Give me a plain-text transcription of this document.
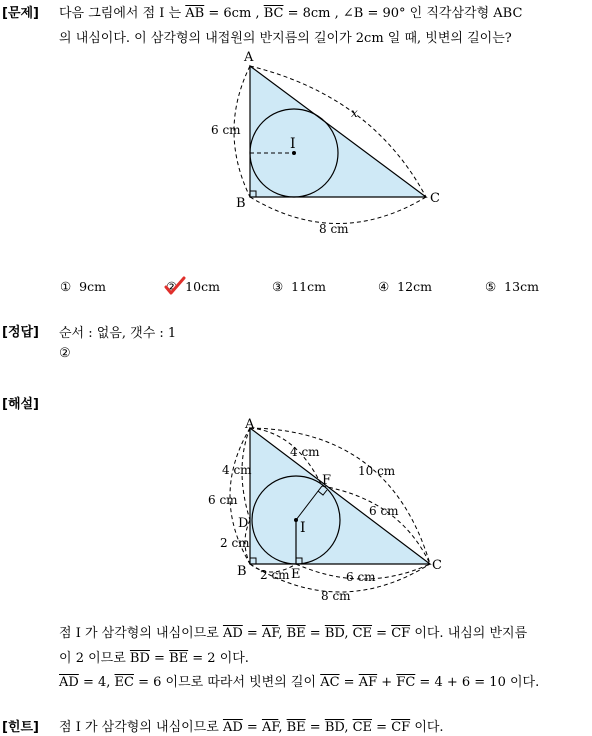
[문제] 다음 그림에서 점 I 는 $\overline{AB} = 6cm$ , $\overline{BC} = 8cm$ , ∠B = 90° 인 직각삼각형 ABC
의 내심이다. 이 삼각형의 내접원의 반지름의 길이가 2cm 일 때, 빗변의 길이는?
A
B	C
I
6 cm
x
8 cm
① 9cm	② 10cm	③ 11cm	④ 12cm	⑤ 13cm
[정답] 순서 : 없음, 갯수 : 1
②
[해설]
A
B	C
D
E
F
I
4 cm
10 cm
4 cm
6 cm
6 cm
2 cm
2 cm	6 cm
8 cm
점 I 가 삼각형의 내심이므로 $\overline{AD} = \overline{AF}$, $\overline{BE} = \overline{BD}$, $\overline{CE} = \overline{CF}$ 이다. 내심의 반지름
이 2 이므로 $\overline{BD} = \overline{BE} = 2$ 이다.
$\overline{AD} = 4$, $\overline{EC} = 6$ 이므로 따라서 빗변의 길이 $\overline{AC} = \overline{AF} + \overline{FC} = 4 + 6 = 10$ 이다.
[힌트] 점 I 가 삼각형의 내심이므로 $\overline{AD} = \overline{AF}$, $\overline{BE} = \overline{BD}$, $\overline{CE} = \overline{CF}$ 이다.
